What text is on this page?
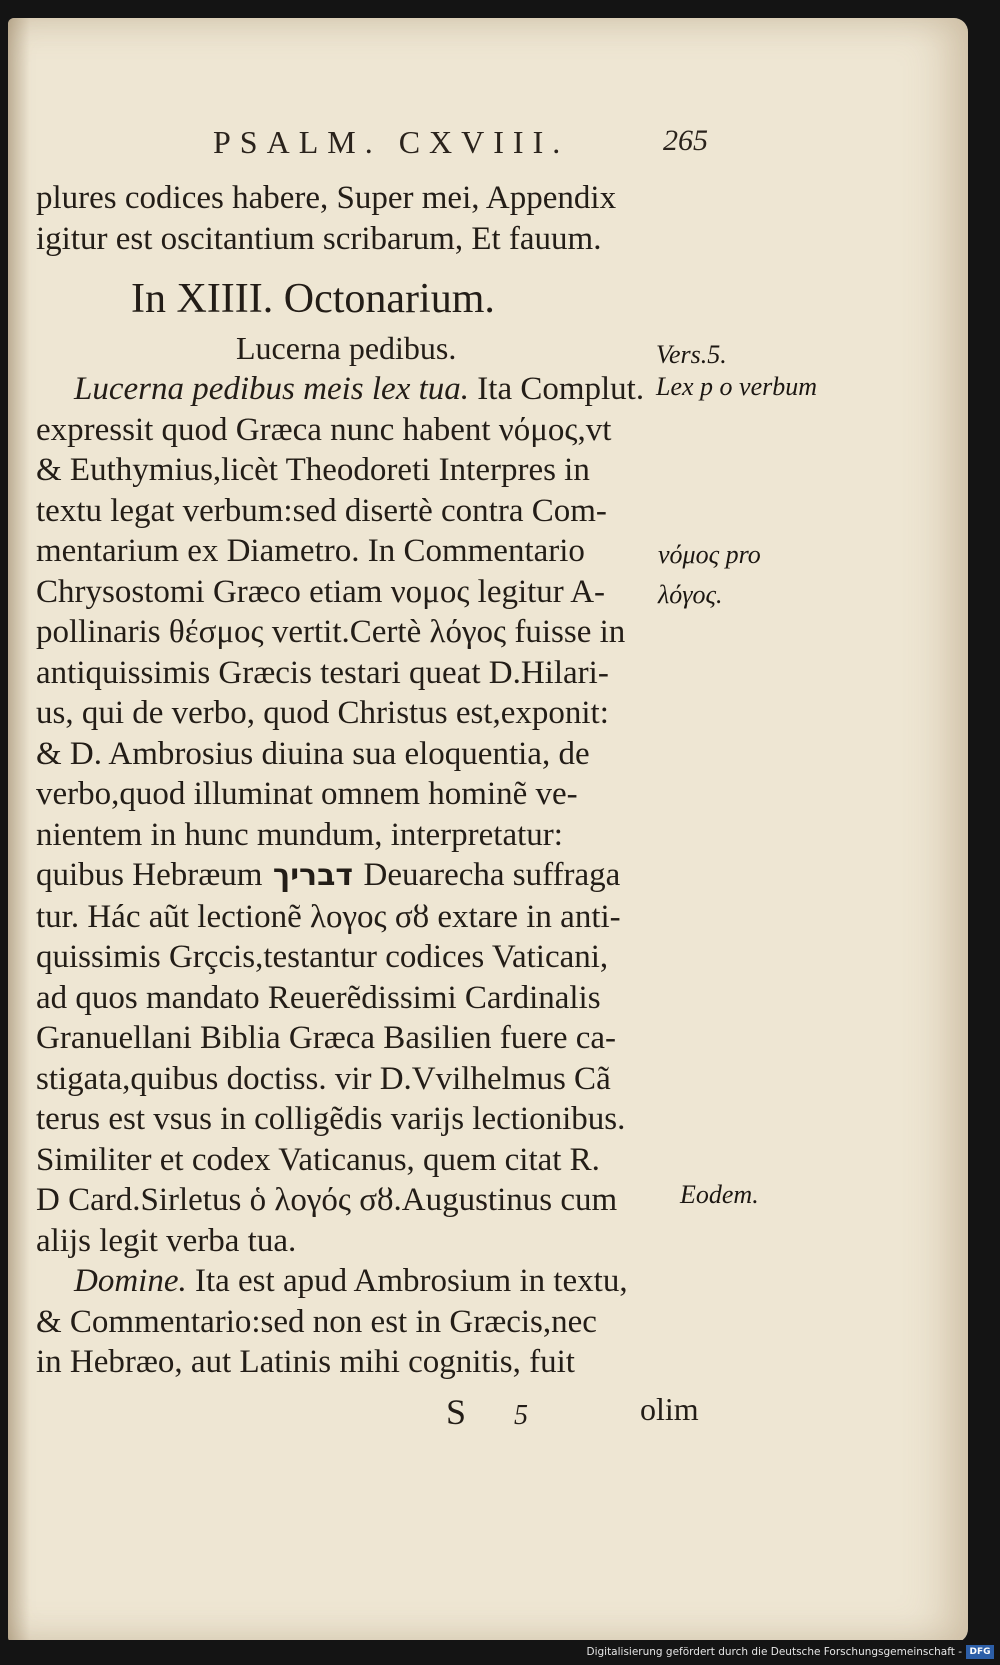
PSALM. CXVIII.	265
plures codices habere, Super mei, Appendix
igitur est oscitantium scribarum, Et fauum.
In XIIII. Octonarium.
Lucerna pedibus.
Lucerna pedibus meis lex tua. Ita Complut.
expressit quod Græca nunc habent νόμος,vt
& Euthymius,licèt Theodoreti Interpres in
textu legat verbum:sed disertè contra Com-
mentarium ex Diametro. In Commentario
Chrysostomi Græco etiam νομος legitur A-
pollinaris θέσμος vertit.Certè λόγος fuisse in
antiquissimis Græcis testari queat D.Hilari-
us, qui de verbo, quod Christus est,exponit:
& D. Ambrosius diuina sua eloquentia, de
verbo,quod illuminat omnem hominẽ ve-
nientem in hunc mundum, interpretatur:
quibus Hebræum דבריך Deuarecha suffraga
tur. Hác aũt lectionẽ λογος σȣ extare in anti-
quissimis Grçcis,testantur codices Vaticani,
ad quos mandato Reuerẽdissimi Cardinalis
Granuellani Biblia Græca Basilien fuere ca-
stigata,quibus doctiss. vir D.Vvilhelmus Cã
terus est vsus in colligẽdis varijs lectionibus.
Similiter et codex Vaticanus, quem citat R.
D Card.Sirletus ὁ λογός σȣ.Augustinus cum
alijs legit verba tua.
Domine. Ita est apud Ambrosium in textu,
& Commentario:sed non est in Græcis,nec
in Hebræo, aut Latinis mihi cognitis, fuit
Vers.5.
Lex p o verbum
νόμος pro
λόγος.
Eodem.
S 5	olim
Digitalisierung gefördert durch die Deutsche Forschungsgemeinschaft - DFG
